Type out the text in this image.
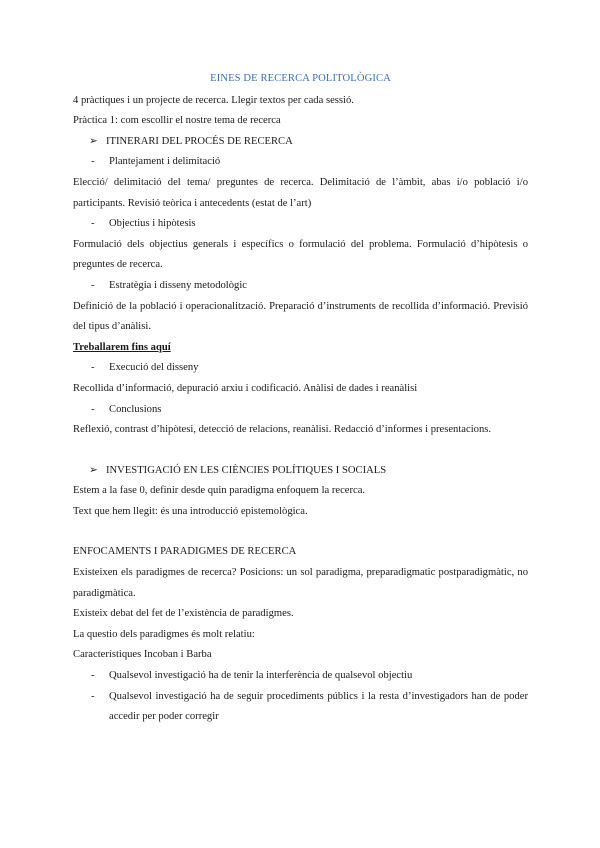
EINES DE RECERCA POLITOLÒGICA

4 pràctiques i un projecte de recerca. Llegir textos per cada sessió.

Pràctica 1: com escollir el nostre tema de recerca

➢ ITINERARI DEL PROCÉS DE RECERCA

- Plantejament i delimitació

Elecció/ delimitació del tema/ preguntes de recerca. Delimitació de l’àmbit, abas i/o població i/o participants. Revisió teòrica i antecedents (estat de l’art)

- Objectius i hipòtesis

Formulació dels objectius generals i específics o formulació del problema. Formulació d’hipòtesis o preguntes de recerca.

- Estratègia i disseny metodològic

Definició de la població i operacionalització. Preparació d’instruments de recollida d’informació. Previsió del tipus d’anàlisi.

Treballarem fins aquí

- Execució del disseny

Recollida d’informació, depuració arxiu i codificació. Anàlisi de dades i reanàlisi

- Conclusions

Reflexió, contrast d’hipòtesi, detecció de relacions, reanàlisi. Redacció d’informes i presentacions.

➢ INVESTIGACIÓ EN LES CIÈNCIES POLÍTIQUES I SOCIALS

Estem a la fase 0, definir desde quin paradigma enfoquem la recerca.

Text que hem llegit: és una introducció epistemològica.

ENFOCAMENTS I PARADIGMES DE RECERCA

Existeixen els paradigmes de recerca? Posicions: un sol paradigma, preparadigmatic postparadigmàtic, no paradigmàtica.

Existeix debat del fet de l’existència de paradigmes.

La questio dels paradigmes és molt relatiu:

Característiques Incoban i Barba

-	Qualsevol investigació ha de tenir la interferència de qualsevol objectiu
-	Qualsevol investigació ha de seguir procediments públics i la resta d’investigadors han de poder accedir per poder corregir
